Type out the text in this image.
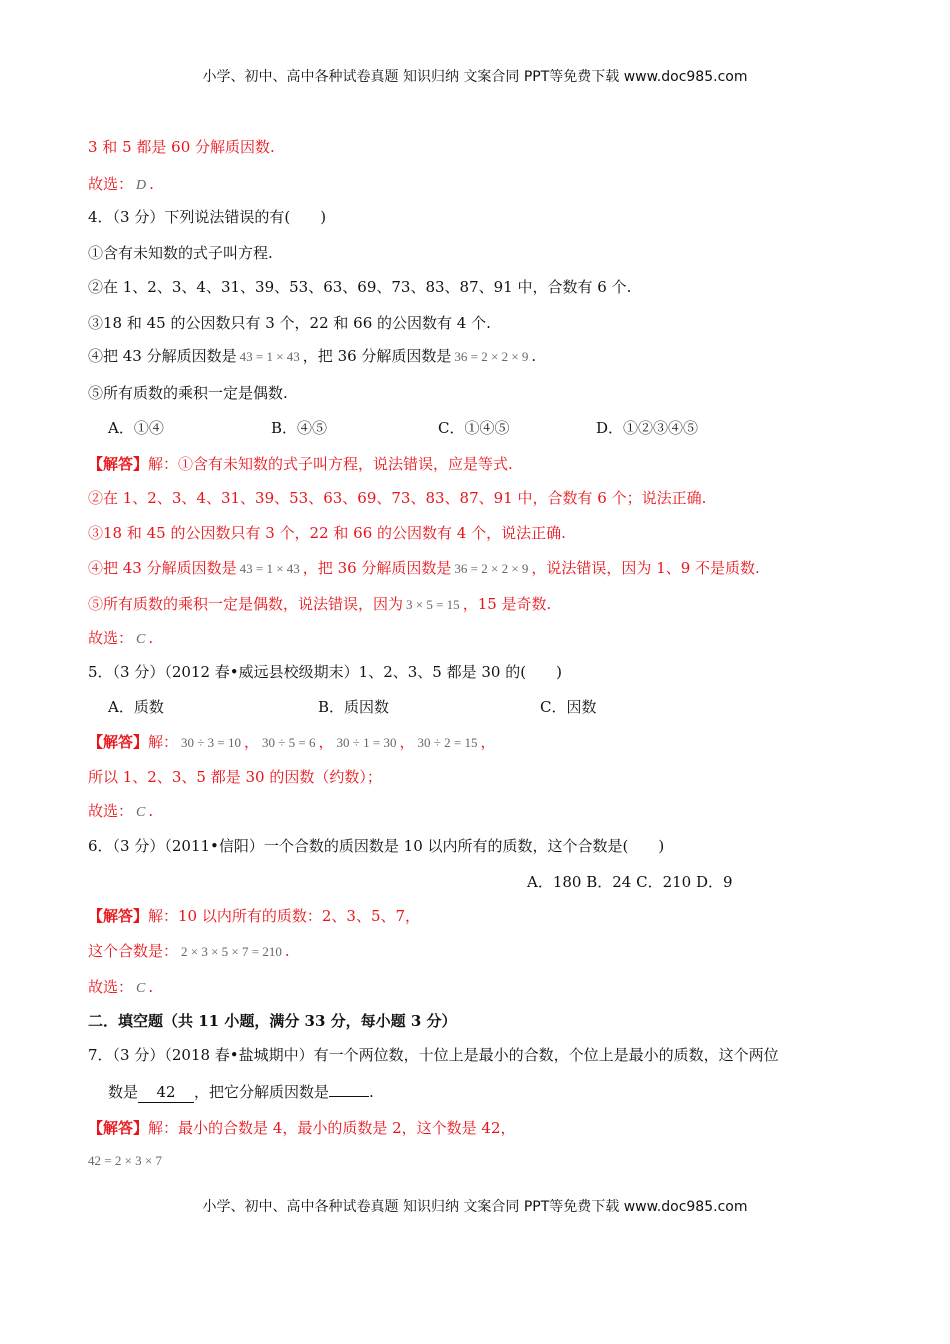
小学、初中、高中各种试卷真题 知识归纳 文案合同 PPT等免费下载 www.doc985.com
3 和 5 都是 60 分解质因数.
故选： D .
4．（3 分）下列说法错误的有(　　)
①含有未知数的式子叫方程.
②在 1、2、3、4、31、39、53、63、69、73、83、87、91 中，合数有 6 个.
③18 和 45 的公因数只有 3 个，22 和 66 的公因数有 4 个.
④把 43 分解质因数是 43 = 1 × 43 ，把 36 分解质因数是 36 = 2 × 2 × 9 .
⑤所有质数的乘积一定是偶数.
A．①④	B．④⑤	C．①④⑤	D．①②③④⑤
【解答】解：①含有未知数的式子叫方程，说法错误，应是等式.
②在 1、2、3、4、31、39、53、63、69、73、83、87、91 中，合数有 6 个；说法正确.
③18 和 45 的公因数只有 3 个，22 和 66 的公因数有 4 个，说法正确.
④把 43 分解质因数是 43 = 1 × 43 ，把 36 分解质因数是 36 = 2 × 2 × 9 ，说法错误，因为 1、9 不是质数.
⑤所有质数的乘积一定是偶数，说法错误，因为 3 × 5 = 15 ，15 是奇数.
故选： C .
5．（3 分）（2012 春•威远县校级期末）1、2、3、5 都是 30 的(　　)
A．质数	B．质因数	C．因数
【解答】解： 30 ÷ 3 = 10 ， 30 ÷ 5 = 6 ， 30 ÷ 1 = 30 ， 30 ÷ 2 = 15 ，
所以 1、2、3、5 都是 30 的因数（约数）；
故选： C .
6．（3 分）（2011•信阳）一个合数的质因数是 10 以内所有的质数，这个合数是(　　)
A．180 B．24 C．210 D．9
【解答】解：10 以内所有的质数：2、3、5、7，
这个合数是： 2 × 3 × 5 × 7 = 210 .
故选： C .
二．填空题（共 11 小题，满分 33 分，每小题 3 分）
7．（3 分）（2018 春•盐城期中）有一个两位数，十位上是最小的合数，个位上是最小的质数，这个两位
数是 42 ，把它分解质因数是	.
【解答】解：最小的合数是 4，最小的质数是 2，这个数是 42，
42 = 2 × 3 × 7
小学、初中、高中各种试卷真题 知识归纳 文案合同 PPT等免费下载 www.doc985.com
